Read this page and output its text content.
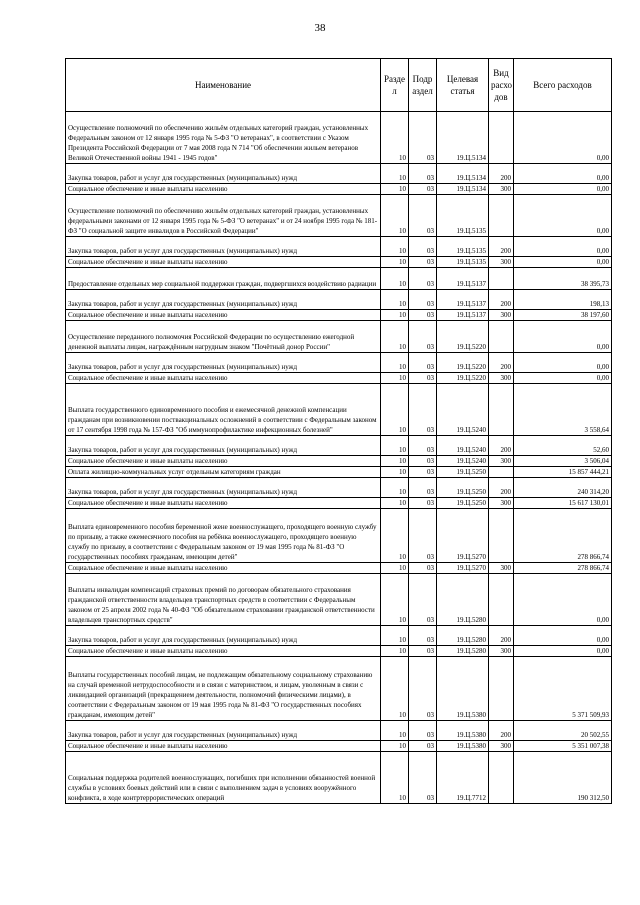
38
Наименование	Разде л	Подр аздел	Целевая статья	Вид расхо дов	Всего расходов
Осуществление полномочий по обеспечению жильём отдельных категорий граждан, установленных Федеральным законом от 12 января 1995 года № 5-ФЗ "О ветеранах", в соответствии с Указом Президента Российской Федерации от 7 мая 2008 года N 714 "Об обеспечении жильем ветеранов Великой Отечественной войны 1941 - 1945 годов"	10	03	19.Ц.5134		0,00
Закупка товаров, работ и услуг для государственных (муниципальных) нужд	10	03	19.Ц.5134	200	0,00
Социальное обеспечение и иные выплаты населению	10	03	19.Ц.5134	300	0,00
Осуществление полномочий по обеспечению жильём отдельных категорий граждан, установленных федеральными законами от 12 января 1995 года № 5-ФЗ "О ветеранах" и от 24 ноября 1995 года № 181-ФЗ "О социальной защите инвалидов в Российской Федерации"	10	03	19.Ц.5135		0,00
Закупка товаров, работ и услуг для государственных (муниципальных) нужд	10	03	19.Ц.5135	200	0,00
Социальное обеспечение и иные выплаты населению	10	03	19.Ц.5135	300	0,00
Предоставление отдельных мер социальной поддержки граждан, подвергшихся воздействию радиации	10	03	19.Ц.5137		38 395,73
Закупка товаров, работ и услуг для государственных (муниципальных) нужд	10	03	19.Ц.5137	200	198,13
Социальное обеспечение и иные выплаты населению	10	03	19.Ц.5137	300	38 197,60
Осуществление переданного полномочия Российской Федерации по осуществлению ежегодной денежной выплаты лицам, награждённым нагрудным знаком "Почётный донор России"	10	03	19.Ц.5220		0,00
Закупка товаров, работ и услуг для государственных (муниципальных) нужд	10	03	19.Ц.5220	200	0,00
Социальное обеспечение и иные выплаты населению	10	03	19.Ц.5220	300	0,00
Выплата государственного единовременного пособия и ежемесячной денежной компенсации гражданам при возникновении поствакцинальных осложнений в соответствии с Федеральным законом от 17 сентября 1998 года № 157-ФЗ "Об иммунопрофилактике инфекционных болезней"	10	03	19.Ц.5240		3 558,64
Закупка товаров, работ и услуг для государственных (муниципальных) нужд	10	03	19.Ц.5240	200	52,60
Социальное обеспечение и иные выплаты населению	10	03	19.Ц.5240	300	3 506,04
Оплата жилищно-коммунальных услуг отдельным категориям граждан	10	03	19.Ц.5250		15 857 444,21
Закупка товаров, работ и услуг для государственных (муниципальных) нужд	10	03	19.Ц.5250	200	240 314,20
Социальное обеспечение и иные выплаты населению	10	03	19.Ц.5250	300	15 617 130,01
Выплата единовременного пособия беременной жене военнослужащего, проходящего военную службу по призыву, а также ежемесячного пособия на ребёнка военнослужащего, проходящего военную службу по призыву, в соответствии с Федеральным законом от 19 мая 1995 года № 81-ФЗ "О государственных пособиях гражданам, имеющим детей"	10	03	19.Ц.5270		278 866,74
Социальное обеспечение и иные выплаты населению	10	03	19.Ц.5270	300	278 866,74
Выплаты инвалидам компенсаций страховых премий по договорам обязательного страхования гражданской ответственности владельцев транспортных средств в соответствии с Федеральным законом от 25 апреля 2002 года № 40-ФЗ "Об обязательном страховании гражданской ответственности владельцев транспортных средств"	10	03	19.Ц.5280		0,00
Закупка товаров, работ и услуг для государственных (муниципальных) нужд	10	03	19.Ц.5280	200	0,00
Социальное обеспечение и иные выплаты населению	10	03	19.Ц.5280	300	0,00
Выплаты государственных пособий лицам, не подлежащим обязательному социальному страхованию на случай временной нетрудоспособности и в связи с материнством, и лицам, уволенным в связи с ликвидацией организаций (прекращением деятельности, полномочий физическими лицами), в соответствии с Федеральным законом от 19 мая 1995 года № 81-ФЗ "О государственных пособиях гражданам, имеющим детей"	10	03	19.Ц.5380		5 371 509,93
Закупка товаров, работ и услуг для государственных (муниципальных) нужд	10	03	19.Ц.5380	200	20 502,55
Социальное обеспечение и иные выплаты населению	10	03	19.Ц.5380	300	5 351 007,38
Социальная поддержка родителей военнослужащих, погибших при исполнении обязанностей военной службы в условиях боевых действий или в связи с выполнением задач в условиях вооружённого конфликта, в ходе контртеррористических операций	10	03	19.Ц.7712		190 312,50
